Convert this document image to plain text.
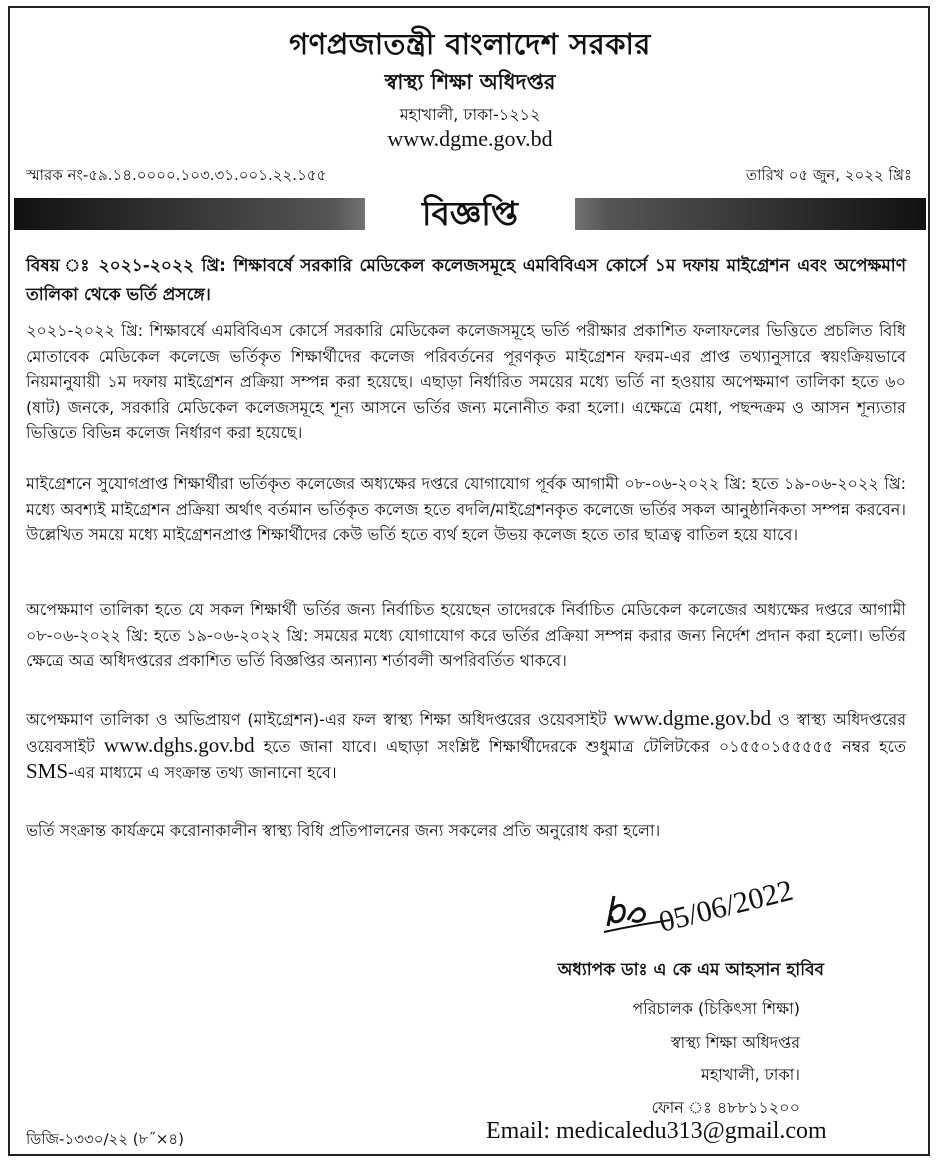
গণপ্রজাতন্ত্রী বাংলাদেশ সরকার
স্বাস্থ্য শিক্ষা অধিদপ্তর
মহাখালী, ঢাকা-১২১২
www.dgme.gov.bd
স্মারক নং-৫৯.১৪.০০০০.১০৩.৩১.০০১.২২.১৫৫	তারিখ ০৫ জুন, ২০২২ খ্রিঃ
বিজ্ঞপ্তি
বিষয় ঃ ২০২১-২০২২ খ্রি: শিক্ষাবর্ষে সরকারি মেডিকেল কলেজসমূহে এমবিবিএস কোর্সে ১ম দফায় মাইগ্রেশন এবং অপেক্ষমাণ তালিকা থেকে ভর্তি প্রসঙ্গে।
২০২১-২০২২ খ্রি: শিক্ষাবর্ষে এমবিবিএস কোর্সে সরকারি মেডিকেল কলেজসমূহে ভর্তি পরীক্ষার প্রকাশিত ফলাফলের ভিত্তিতে প্রচলিত বিধি মোতাবেক মেডিকেল কলেজে ভর্তিকৃত শিক্ষার্থীদের কলেজ পরিবর্তনের পূরণকৃত মাইগ্রেশন ফরম-এর প্রাপ্ত তথ্যানুসারে স্বয়ংক্রিয়ভাবে নিয়মানুযায়ী ১ম দফায় মাইগ্রেশন প্রক্রিয়া সম্পন্ন করা হয়েছে। এছাড়া নির্ধারিত সময়ের মধ্যে ভর্তি না হওয়ায় অপেক্ষমাণ তালিকা হতে ৬০ (ষাট) জনকে, সরকারি মেডিকেল কলেজসমূহে শূন্য আসনে ভর্তির জন্য মনোনীত করা হলো। এক্ষেত্রে মেধা, পছন্দক্রম ও আসন শূন্যতার ভিত্তিতে বিভিন্ন কলেজ নির্ধারণ করা হয়েছে।
মাইগ্রেশনে সুযোগপ্রাপ্ত শিক্ষার্থীরা ভর্তিকৃত কলেজের অধ্যক্ষের দপ্তরে যোগাযোগ পূর্বক আগামী ০৮-০৬-২০২২ খ্রি: হতে ১৯-০৬-২০২২ খ্রি: মধ্যে অবশ্যই মাইগ্রেশন প্রক্রিয়া অর্থাৎ বর্তমান ভর্তিকৃত কলেজ হতে বদলি/মাইগ্রেশনকৃত কলেজে ভর্তির সকল আনুষ্ঠানিকতা সম্পন্ন করবেন। উল্লেখিত সময়ে মধ্যে মাইগ্রেশনপ্রাপ্ত শিক্ষার্থীদের কেউ ভর্তি হতে ব্যর্থ হলে উভয় কলেজ হতে তার ছাত্রত্ব বাতিল হয়ে যাবে।
অপেক্ষমাণ তালিকা হতে যে সকল শিক্ষার্থী ভর্তির জন্য নির্বাচিত হয়েছেন তাদেরকে নির্বাচিত মেডিকেল কলেজের অধ্যক্ষের দপ্তরে আগামী ০৮-০৬-২০২২ খ্রি: হতে ১৯-০৬-২০২২ খ্রি: সময়ের মধ্যে যোগাযোগ করে ভর্তির প্রক্রিয়া সম্পন্ন করার জন্য নির্দেশ প্রদান করা হলো। ভর্তির ক্ষেত্রে অত্র অধিদপ্তরের প্রকাশিত ভর্তি বিজ্ঞপ্তির অন্যান্য শর্তাবলী অপরিবর্তিত থাকবে।
অপেক্ষমাণ তালিকা ও অভিপ্রায়ণ (মাইগ্রেশন)-এর ফল স্বাস্থ্য শিক্ষা অধিদপ্তরের ওয়েবসাইট www.dgme.gov.bd ও স্বাস্থ্য অধিদপ্তরের ওয়েবসাইট www.dghs.gov.bd হতে জানা যাবে। এছাড়া সংশ্লিষ্ট শিক্ষার্থীদেরকে শুধুমাত্র টেলিটকের ০১৫৫০১৫৫৫৫৫ নম্বর হতে SMS-এর মাধ্যমে এ সংক্রান্ত তথ্য জানানো হবে।
ভর্তি সংক্রান্ত কার্যক্রমে করোনাকালীন স্বাস্থ্য বিধি প্রতিপালনের জন্য সকলের প্রতি অনুরোধ করা হলো।
05/06/2022
অধ্যাপক ডাঃ এ কে এম আহসান হাবিব
পরিচালক (চিকিৎসা শিক্ষা)
স্বাস্থ্য শিক্ষা অধিদপ্তর
মহাখালী, ঢাকা।
ফোন ঃ ৪৮৮১১২০০
ডিজি-১৩৩০/২২ (৮˝×৪)	Email: medicaledu313@gmail.com
